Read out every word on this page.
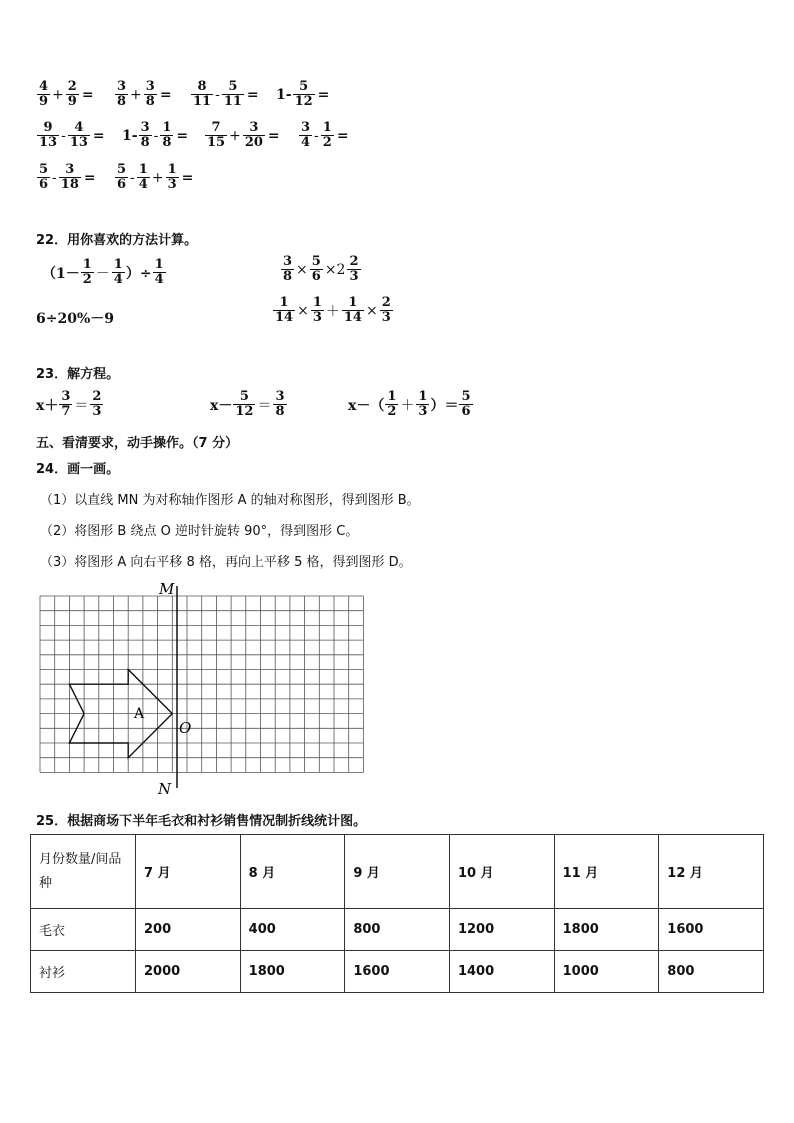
$\frac{4}{9} + \frac{2}{9} = \frac{3}{8} + \frac{3}{8} = \frac{8}{11} - \frac{5}{11} = 1- \frac{5}{12}$ =
$\frac{9}{13} - \frac{4}{13} = 1- \frac{3}{8} - \frac{1}{8} = \frac{7}{15} + \frac{3}{20} = \frac{3}{4} - \frac{1}{2}$ =
$\frac{5}{6} - \frac{3}{18} = \frac{5}{6} - \frac{1}{4} + \frac{1}{3}$ =
22．用你喜欢的方法计算。
（$1- \frac{1}{2} - \frac{1}{4}$ ）÷ $\frac{1}{4}$	$\frac{3}{8} \times \frac{5}{6} \times 2 \frac{2}{3}$
6÷20%－9	$\frac{1}{14} \times \frac{1}{3} + \frac{1}{14} \times \frac{2}{3}$
23．解方程。
$x+ \frac{3}{7} = \frac{2}{3}$	$x- \frac{5}{12} = \frac{3}{8}$	$x-( \frac{1}{2} + \frac{1}{3}$ ）＝ $\frac{5}{6}$
五、看清要求，动手操作。（7 分）
24．画一画。
（1）以直线 MN 为对称轴作图形 A 的轴对称图形，得到图形 B。
（2）将图形 B 绕点 O 逆时针旋转 90°，得到图形 C。
（3）将图形 A 向右平移 8 格，再向上平移 5 格，得到图形 D。
M
N
O
A
25．根据商场下半年毛衣和衬衫销售情况制折线统计图。
月份数量/间品种	7 月	8 月	9 月	10 月	11 月	12 月
毛衣	200	400	800	1200	1800	1600
衬衫	2000	1800	1600	1400	1000	800
